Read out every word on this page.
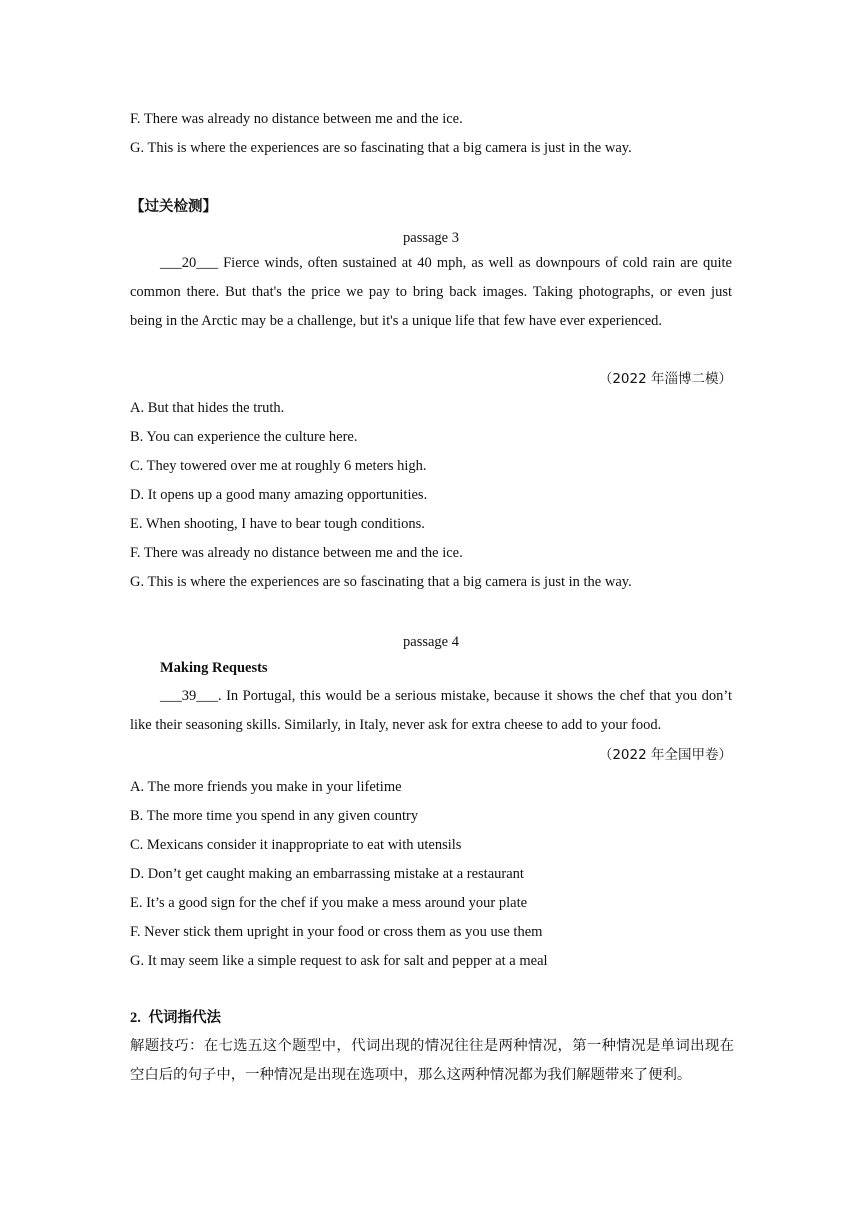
F. There was already no distance between me and the ice.
G. This is where the experiences are so fascinating that a big camera is just in the way.
【过关检测】
passage 3
___20___ Fierce winds, often sustained at 40 mph, as well as downpours of cold rain are quite common there. But that's the price we pay to bring back images. Taking photographs, or even just being in the Arctic may be a challenge, but it's a unique life that few have ever experienced.
（2022 年淄博二模）
A. But that hides the truth.
B. You can experience the culture here.
C. They towered over me at roughly 6 meters high.
D. It opens up a good many amazing opportunities.
E. When shooting, I have to bear tough conditions.
F. There was already no distance between me and the ice.
G. This is where the experiences are so fascinating that a big camera is just in the way.
passage 4
Making Requests
___39___. In Portugal, this would be a serious mistake, because it shows the chef that you don’t like their seasoning skills. Similarly, in Italy, never ask for extra cheese to add to your food.
（2022 年全国甲卷）
A. The more friends you make in your lifetime
B. The more time you spend in any given country
C. Mexicans consider it inappropriate to eat with utensils
D. Don’t get caught making an embarrassing mistake at a restaurant
E. It’s a good sign for the chef if you make a mess around your plate
F. Never stick them upright in your food or cross them as you use them
G. It may seem like a simple request to ask for salt and pepper at a meal
2. 代词指代法
解题技巧：在七选五这个题型中，代词出现的情况往往是两种情况，第一种情况是单词出现在空白后的句子中，一种情况是出现在选项中，那么这两种情况都为我们解题带来了便利。
